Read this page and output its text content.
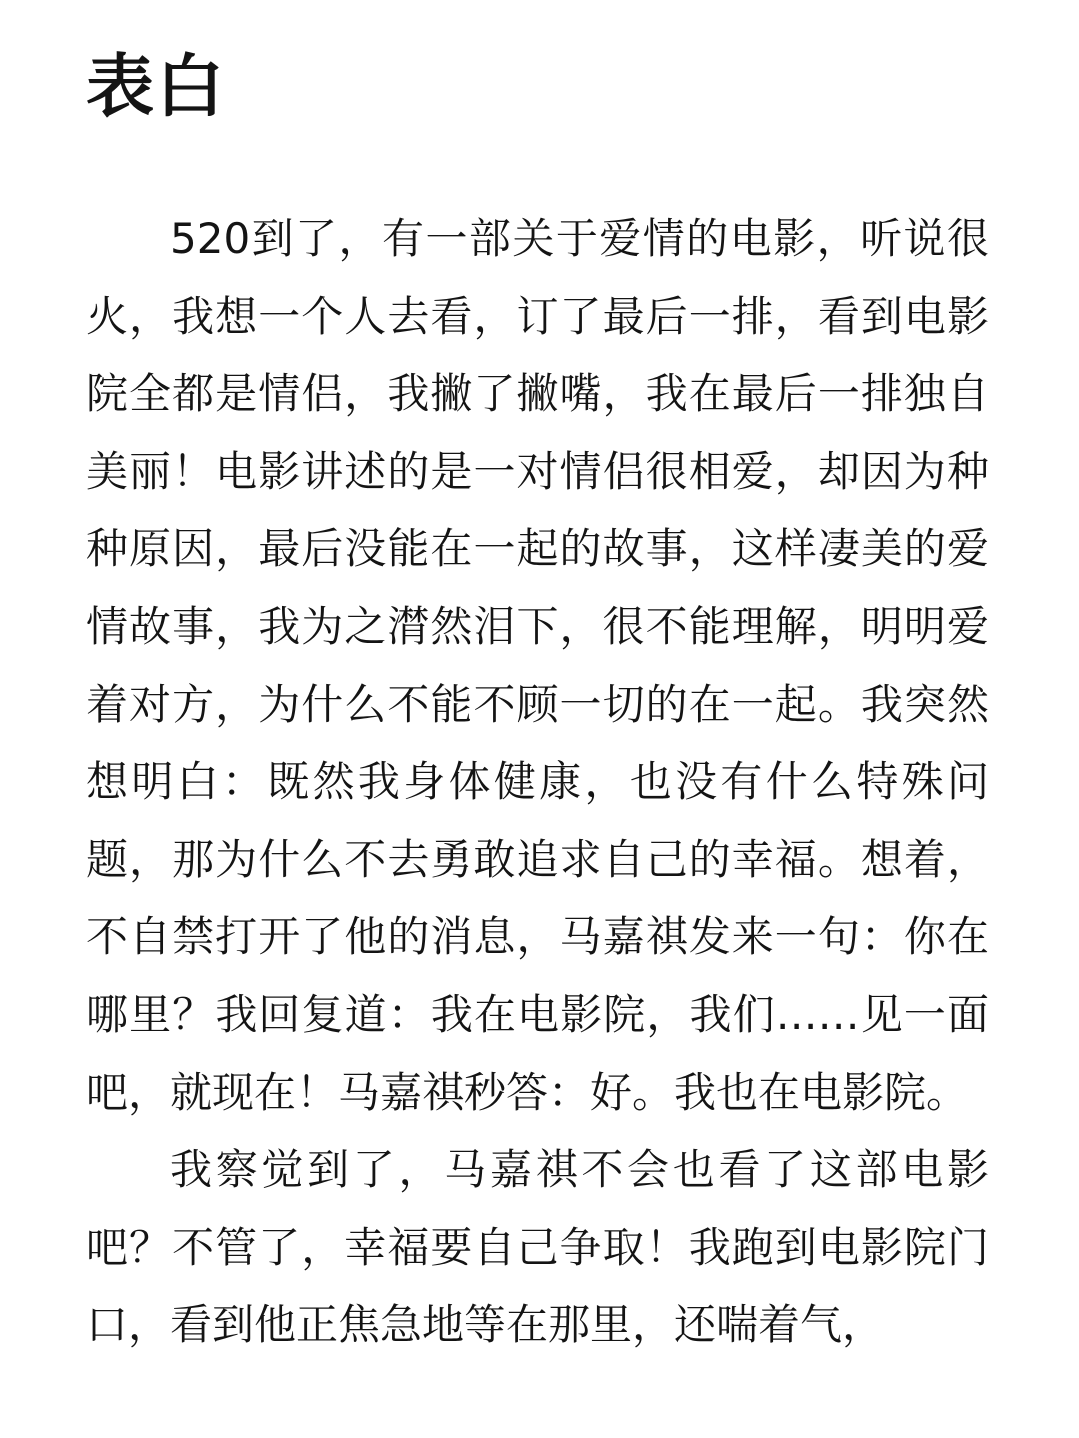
表白

520到了，有一部关于爱情的电影，听说很火，我想一个人去看，订了最后一排，看到电影院全都是情侣，我撇了撇嘴，我在最后一排独自美丽！电影讲述的是一对情侣很相爱，却因为种种原因，最后没能在一起的故事，这样凄美的爱情故事，我为之潸然泪下，很不能理解，明明爱着对方，为什么不能不顾一切的在一起。我突然想明白：既然我身体健康，也没有什么特殊问题，那为什么不去勇敢追求自己的幸福。想着，不自禁打开了他的消息，马嘉祺发来一句：你在哪里？我回复道：我在电影院，我们……见一面吧，就现在！马嘉祺秒答：好。我也在电影院。

我察觉到了，马嘉祺不会也看了这部电影吧？不管了，幸福要自己争取！我跑到电影院门口，看到他正焦急地等在那里，还喘着气，
